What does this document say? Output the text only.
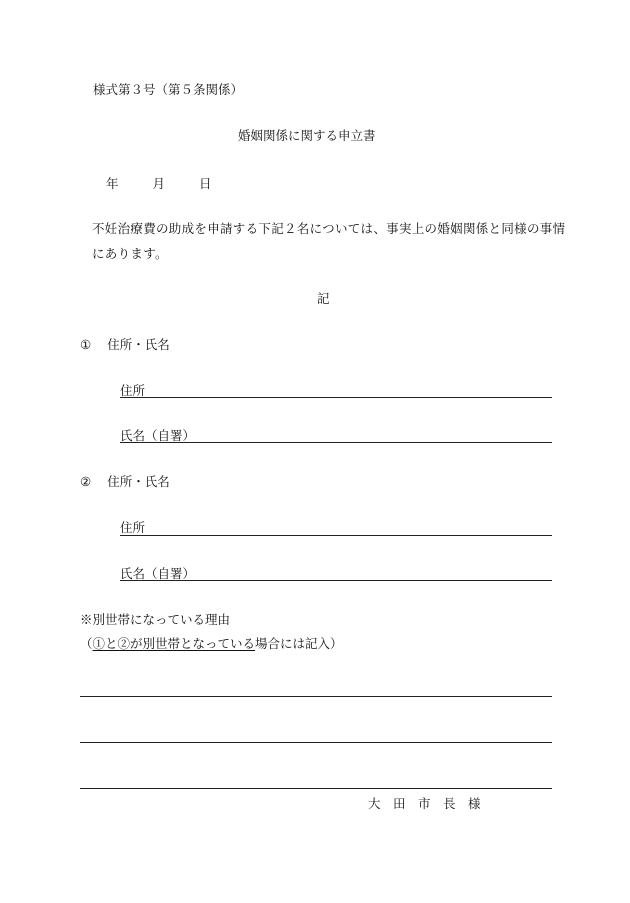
様式第３号（第５条関係）
婚姻関係に関する申立書
年	月	日
不妊治療費の助成を申請する下記２名については、事実上の婚姻関係と同様の事情にあります。
記
① 住所・氏名
住所
氏名（自署）
② 住所・氏名
住所
氏名（自署）
※別世帯になっている理由
（①と②が別世帯となっている場合には記入）
大　田　市　長　様
